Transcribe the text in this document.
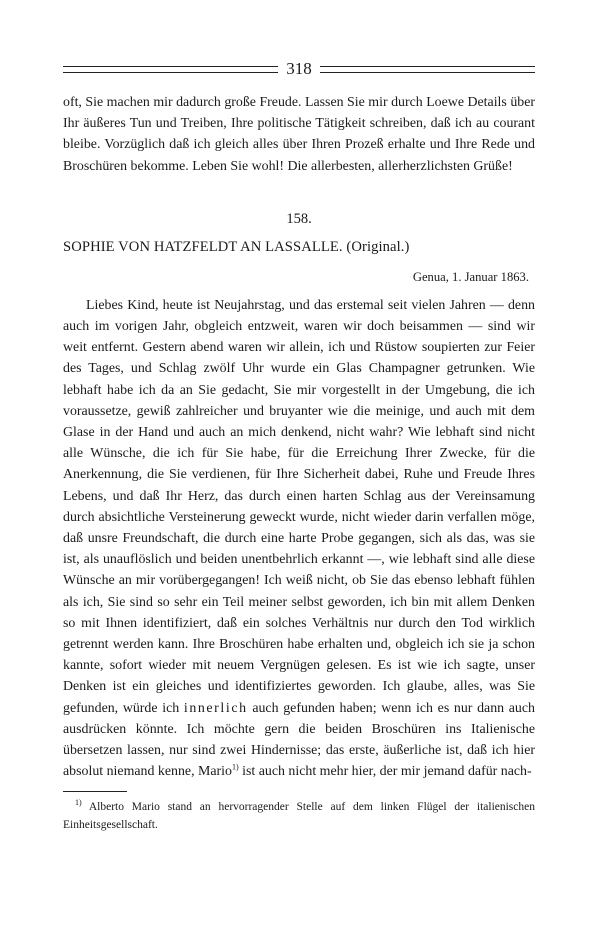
318

oft, Sie machen mir dadurch große Freude. Lassen Sie mir durch Loewe Details über Ihr äußeres Tun und Treiben, Ihre politische Tätigkeit schreiben, daß ich au courant bleibe. Vorzüglich daß ich gleich alles über Ihren Prozeß erhalte und Ihre Rede und Broschüren bekomme. Leben Sie wohl! Die allerbesten, allerherzlichsten Grüße!

158.
SOPHIE VON HATZFELDT AN LASSALLE. (Original.)
Genua, 1. Januar 1863.

Liebes Kind, heute ist Neujahrstag, und das erstemal seit vielen Jahren — denn auch im vorigen Jahr, obgleich entzweit, waren wir doch beisammen — sind wir weit entfernt. Gestern abend waren wir allein, ich und Rüstow soupierten zur Feier des Tages, und Schlag zwölf Uhr wurde ein Glas Champagner getrunken. Wie lebhaft habe ich da an Sie gedacht, Sie mir vorgestellt in der Umgebung, die ich voraussetze, gewiß zahlreicher und bruyanter wie die meinige, und auch mit dem Glase in der Hand und auch an mich denkend, nicht wahr? Wie lebhaft sind nicht alle Wünsche, die ich für Sie habe, für die Erreichung Ihrer Zwecke, für die Anerkennung, die Sie verdienen, für Ihre Sicherheit dabei, Ruhe und Freude Ihres Lebens, und daß Ihr Herz, das durch einen harten Schlag aus der Vereinsamung durch absichtliche Versteinerung geweckt wurde, nicht wieder darin verfallen möge, daß unsre Freundschaft, die durch eine harte Probe gegangen, sich als das, was sie ist, als unauflöslich und beiden unentbehrlich erkannt —, wie lebhaft sind alle diese Wünsche an mir vorübergegangen! Ich weiß nicht, ob Sie das ebenso lebhaft fühlen als ich, Sie sind so sehr ein Teil meiner selbst geworden, ich bin mit allem Denken so mit Ihnen identifiziert, daß ein solches Verhältnis nur durch den Tod wirklich getrennt werden kann. Ihre Broschüren habe erhalten und, obgleich ich sie ja schon kannte, sofort wieder mit neuem Vergnügen gelesen. Es ist wie ich sagte, unser Denken ist ein gleiches und identifiziertes geworden. Ich glaube, alles, was Sie gefunden, würde ich innerlich auch gefunden haben; wenn ich es nur dann auch ausdrücken könnte. Ich möchte gern die beiden Broschüren ins Italienische übersetzen lassen, nur sind zwei Hindernisse; das erste, äußerliche ist, daß ich hier absolut niemand kenne, Mario$^{1)}$ ist auch nicht mehr hier, der mir jemand dafür nach-

$^{1)}$ Alberto Mario stand an hervorragender Stelle auf dem linken Flügel der italienischen Einheitsgesellschaft.
